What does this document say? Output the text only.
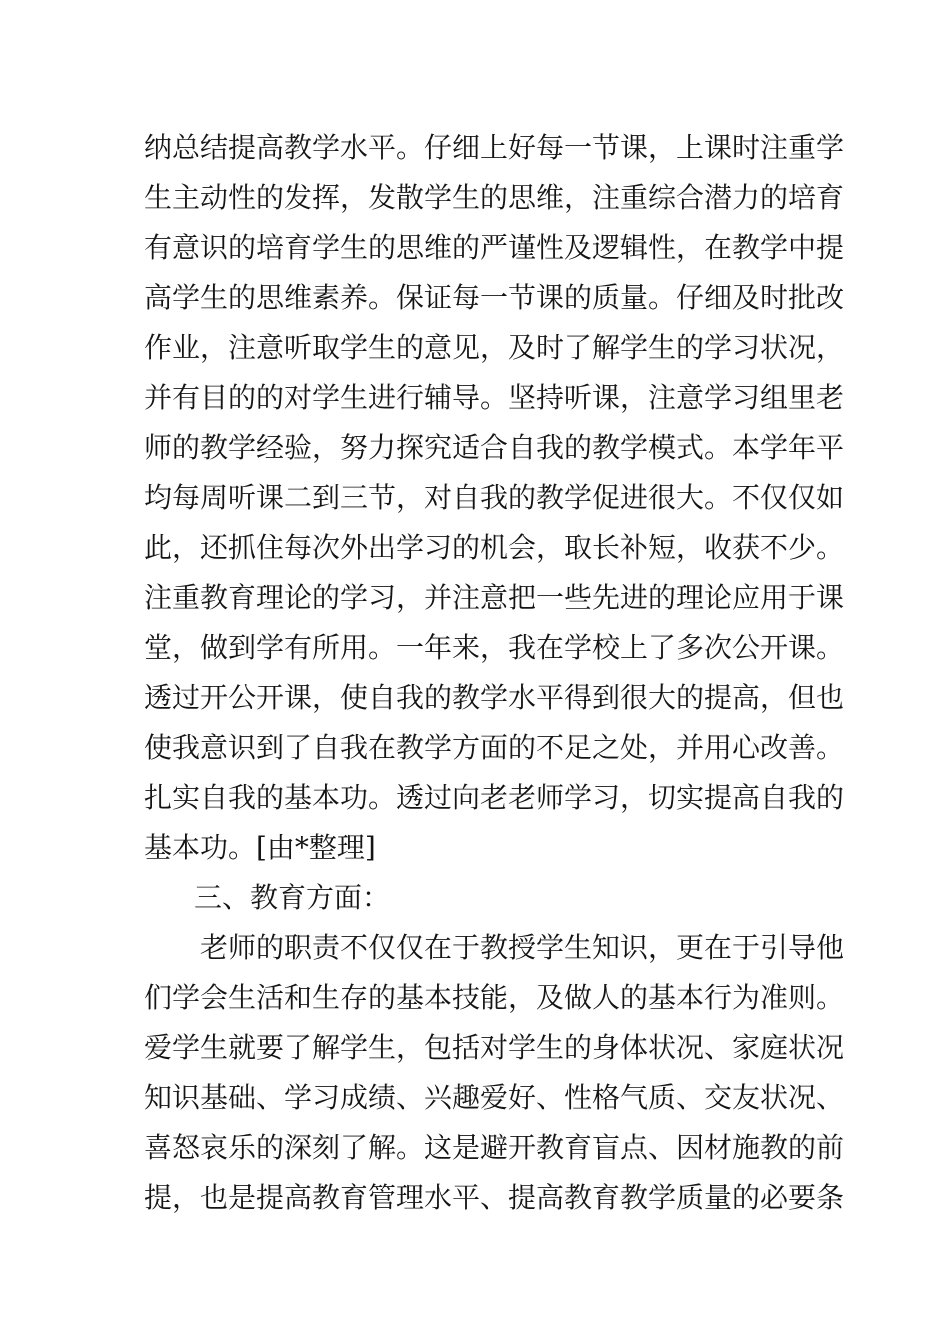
纳总结提高教学水平。仔细上好每一节课，上课时注重学
生主动性的发挥，发散学生的思维，注重综合潜力的培育
有意识的培育学生的思维的严谨性及逻辑性，在教学中提
高学生的思维素养。保证每一节课的质量。仔细及时批改
作业，注意听取学生的意见，及时了解学生的学习状况，
并有目的的对学生进行辅导。坚持听课，注意学习组里老
师的教学经验，努力探究适合自我的教学模式。本学年平
均每周听课二到三节，对自我的教学促进很大。不仅仅如
此，还抓住每次外出学习的机会，取长补短，收获不少。
注重教育理论的学习，并注意把一些先进的理论应用于课
堂，做到学有所用。一年来，我在学校上了多次公开课。
透过开公开课，使自我的教学水平得到很大的提高，但也
使我意识到了自我在教学方面的不足之处，并用心改善。
扎实自我的基本功。透过向老老师学习，切实提高自我的
基本功。[由*整理]
三、教育方面：
老师的职责不仅仅在于教授学生知识，更在于引导他
们学会生活和生存的基本技能，及做人的基本行为准则。
爱学生就要了解学生，包括对学生的身体状况、家庭状况
知识基础、学习成绩、兴趣爱好、性格气质、交友状况、
喜怒哀乐的深刻了解。这是避开教育盲点、因材施教的前
提，也是提高教育管理水平、提高教育教学质量的必要条
